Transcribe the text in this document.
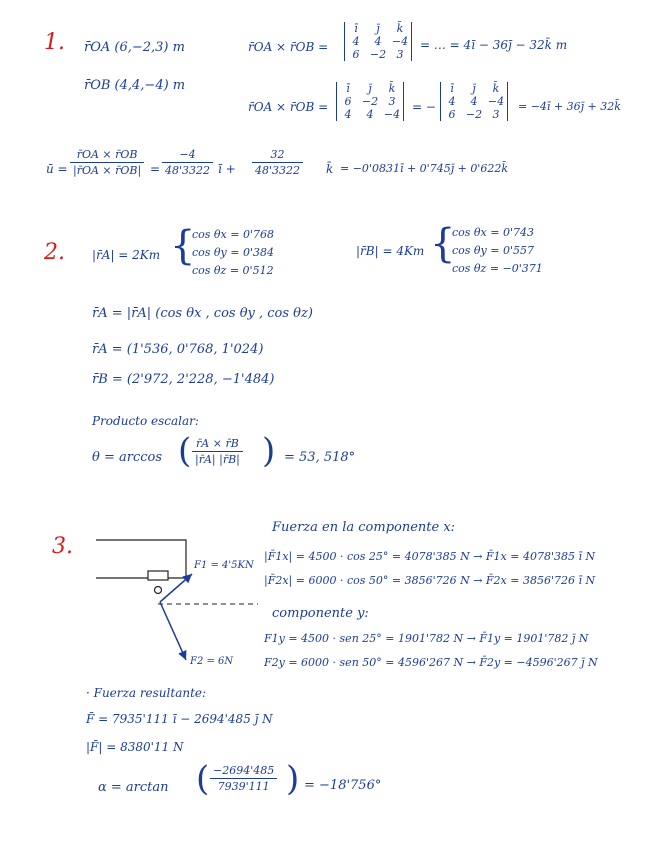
1. r̄OA (6,−2,3) m
r̄OB (4,4,−4) m
r̄OA × r̄OB =
ī	j̄	k̄
4	4	−4
6	−2	3
= … = 4ī − 36j̄ − 32k̄ m
r̄OA × r̄OB =
ī	j̄	k̄
6	−2	3
4	4	−4
= −
ī	j̄	k̄
4	4	−4
6	−2	3
= −4ī + 36j̄ + 32k̄
ū = $\frac{r̄OA \times r̄OB}{|r̄OA \times r̄OB|} = \frac{-4}{48'3322}$ ī + $\frac{32}{48'3322}$ k̄ = −0'0831ī + 0'745j̄ + 0'622k̄
2. |r̄A| = 2Km {
cos θx = 0'768
cos θy = 0'384
cos θz = 0'512
|r̄B| = 4Km {
cos θx = 0'743
cos θy = 0'557
cos θz = −0'371
r̄A = |r̄A| (cos θx , cos θy , cos θz)
r̄A = (1'536, 0'768, 1'024)
r̄B = (2'972, 2'228, −1'484)
Producto escalar:
θ = arccos ( $\frac{r̄A \times r̄B}{|r̄A| |r̄B|}$ ) = 53, 518°
3.
F1 = 4'5KN
F2 = 6N
Fuerza en la componente x:
|F̄1x| = 4500 · cos 25° = 4078'385 N → F̄1x = 4078'385 ī N
|F̄2x| = 6000 · cos 50° = 3856'726 N → F̄2x = 3856'726 ī N
componente y:
F1y = 4500 · sen 25° = 1901'782 N → F̄1y = 1901'782 j̄ N
F2y = 6000 · sen 50° = 4596'267 N → F̄2y = −4596'267 j̄ N
· Fuerza resultante:
F̄ = 7935'111 ī − 2694'485 j̄ N
|F̄| = 8380'11 N
α = arctan ( $\frac{-2694'485}{7939'111}$ ) = −18'756°
